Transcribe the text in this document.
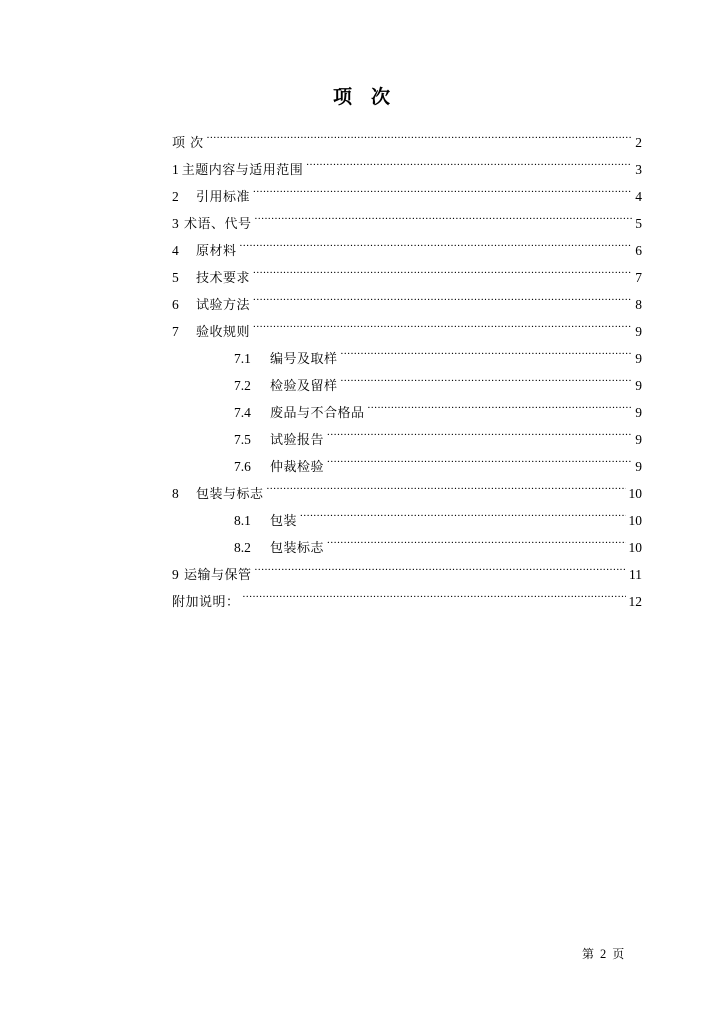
项 次
项 次 .....	2
1 主题内容与适用范围 .....	3
2	引用标准 .....	4
3 术语、代号 .....	5
4	原材料 .....	6
5	技术要求 .....	7
6	试验方法 .....	8
7	验收规则 .....	9
7.1	编号及取样 .....	9
7.2	检验及留样 .....	9
7.4	废品与不合格品 .....	9
7.5	试验报告 .....	9
7.6	仲裁检验 .....	9
8	包装与标志 .....	10
8.1	包装 .....	10
8.2	包装标志 .....	10
9 运输与保管 .....	11
附加说明： .....	12
第 2 页
